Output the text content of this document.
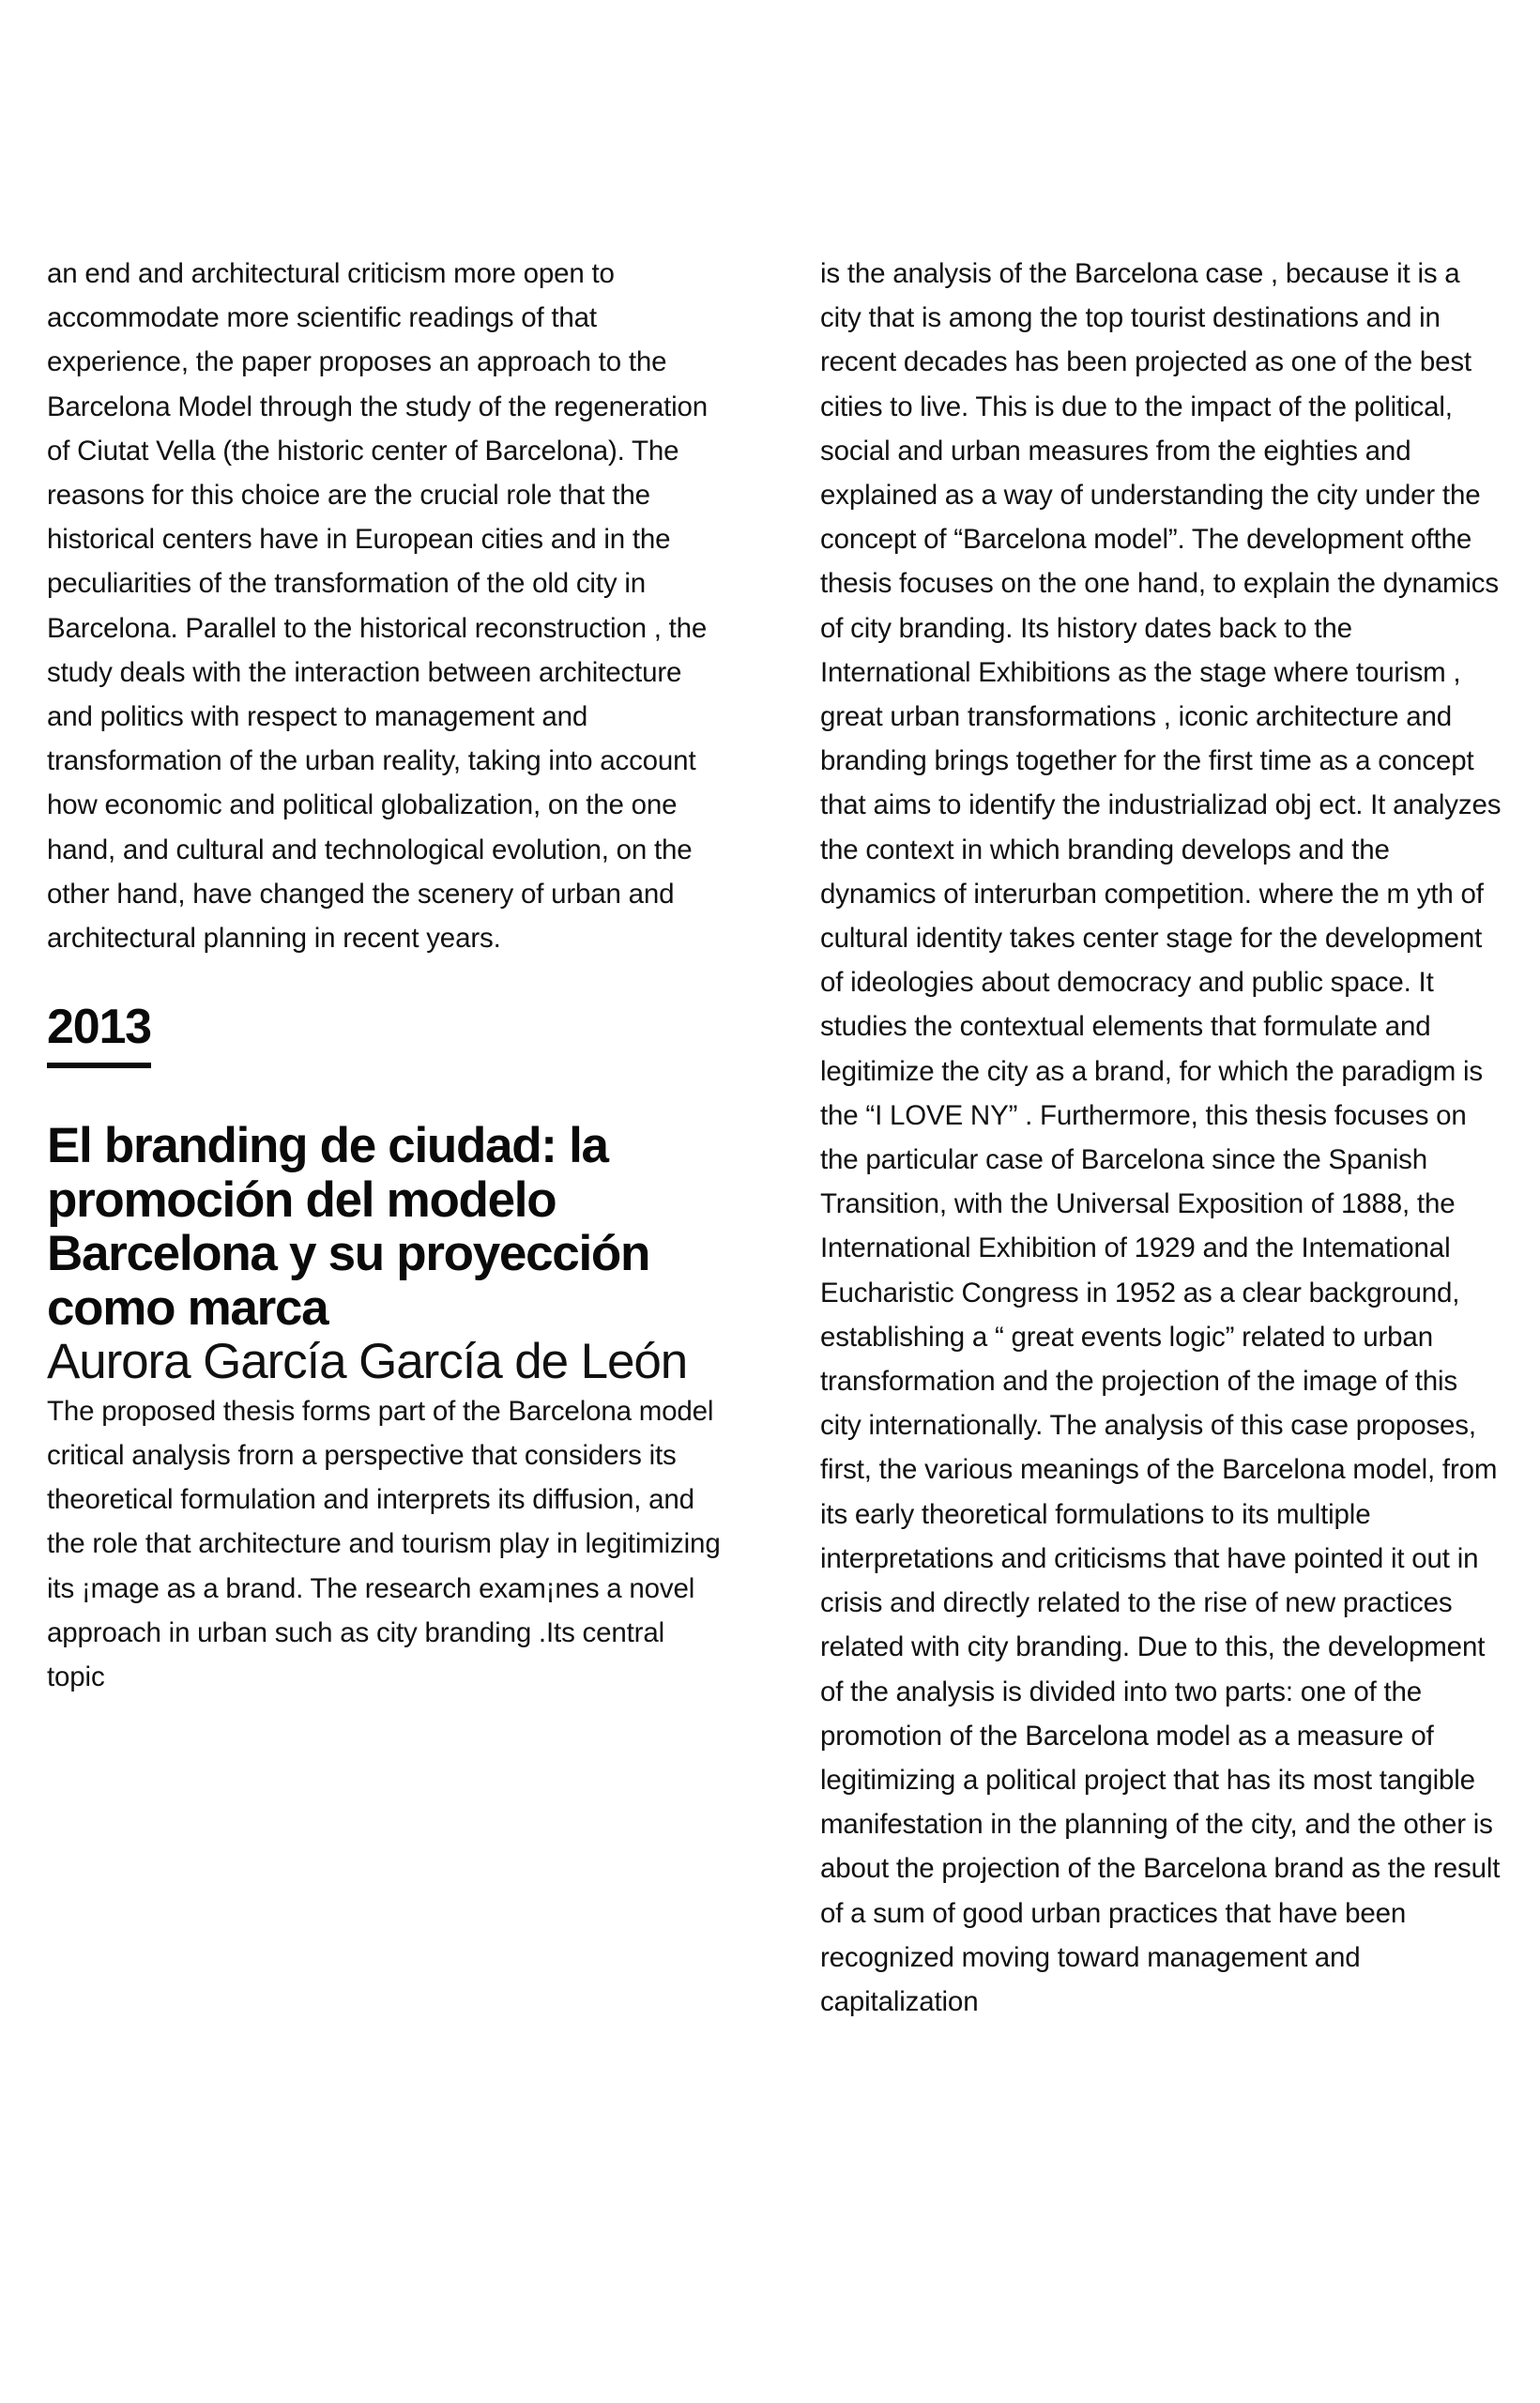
an end and architectural criticism more open to accommodate more scientific readings of that experience, the paper proposes an approach to the Barcelona Model through the study of the regeneration of Ciutat Vella (the historic center of Barcelona). The reasons for this choice are the crucial role that the historical centers have in European cities and in the peculiarities of the transformation of the old city in Barcelona. Parallel to the historical reconstruction , the study deals with the interaction between architecture and politics with respect to management and transformation of the urban reality, taking into account how economic and political globalization, on the one hand, and cultural and technological evolution, on the other hand, have changed the scenery of urban and architectural planning in recent years.

2013
El branding de ciudad: la promoción del modelo Barcelona y su proyección como marca

Aurora García García de León

The proposed thesis forms part of the Barcelona model critical analysis frorn a perspective that considers its theoretical formulation and interprets its diffusion, and the role that architecture and tourism play in legitimizing its ¡mage as a brand. The research exam¡nes a novel approach in urban such as city branding .Its central topic

is the analysis of the Barcelona case , because it is a city that is among the top tourist destinations and in recent decades has been projected as one of the best cities to live. This is due to the impact of the political, social and urban measures from the eighties and explained as a way of understanding the city under the concept of “Barcelona model”. The development ofthe thesis focuses on the one hand, to explain the dynamics of city branding. Its history dates back to the International Exhibitions as the stage where tourism , great urban transformations , iconic architecture and branding brings together for the first time as a concept that aims to identify the industrializad obj ect. It analyzes the context in which branding develops and the dynamics of interurban competition. where the m yth of cultural identity takes center stage for the development of ideologies about democracy and public space. It studies the contextual elements that formulate and legitimize the city as a brand, for which the paradigm is the “I LOVE NY” . Furthermore, this thesis focuses on the particular case of Barcelona since the Spanish Transition, with the Universal Exposition of 1888, the International Exhibition of 1929 and the Intemational Eucharistic Congress in 1952 as a clear background, establishing a “ great events logic” related to urban transformation and the projection of the image of this city internationally. The analysis of this case proposes, first, the various meanings of the Barcelona model, from its early theoretical formulations to its multiple interpretations and criticisms that have pointed it out in crisis and directly related to the rise of new practices related with city branding. Due to this, the development of the analysis is divided into two parts: one of the promotion of the Barcelona model as a measure of legitimizing a political project that has its most tangible manifestation in the planning of the city, and the other is about the projection of the Barcelona brand as the result of a sum of good urban practices that have been recognized moving toward management and capitalization
